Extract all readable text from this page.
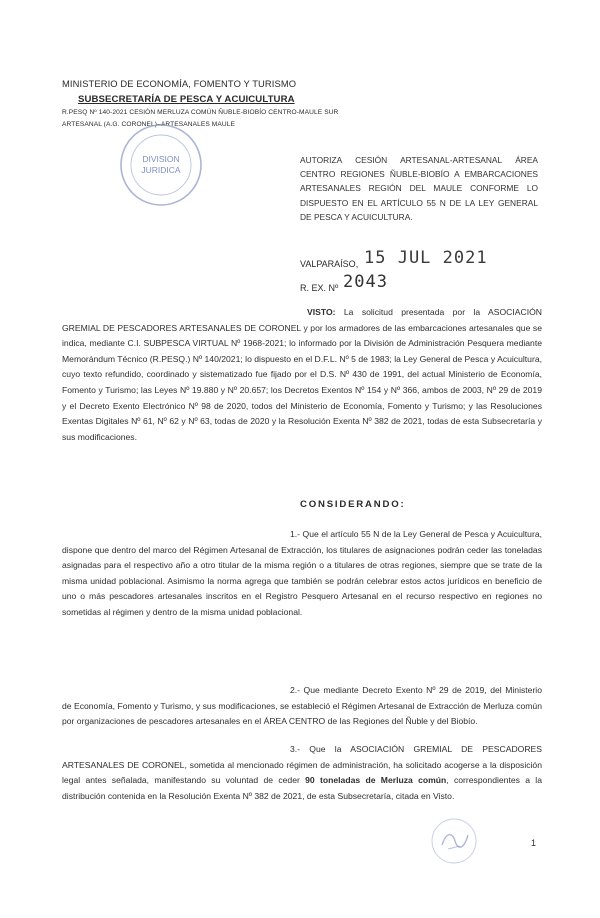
MINISTERIO DE ECONOMÍA, FOMENTO Y TURISMO
SUBSECRETARÍA DE PESCA Y ACUICULTURA
R.PESQ Nº 140-2021 CESIÓN MERLUZA COMÚN ÑUBLE-BIOBÍO CENTRO-MAULE SUR
ARTESANAL (A.G. CORONEL)–ARTESANALES MAULE
DIVISION
JURIDICA
AUTORIZA CESIÓN ARTESANAL-ARTESANAL ÁREA CENTRO REGIONES ÑUBLE-BIOBÍO A EMBARCACIONES ARTESANALES REGIÓN DEL MAULE CONFORME LO DISPUESTO EN EL ARTÍCULO 55 N DE LA LEY GENERAL DE PESCA Y ACUICULTURA.
VALPARAÍSO, 15 JUL 2021
R. EX. Nº 2043
VISTO: La solicitud presentada por la ASOCIACIÓN GREMIAL DE PESCADORES ARTESANALES DE CORONEL y por los armadores de las embarcaciones artesanales que se indica, mediante C.I. SUBPESCA VIRTUAL Nº 1968-2021; lo informado por la División de Administración Pesquera mediante Memorándum Técnico (R.PESQ.) Nº 140/2021; lo dispuesto en el D.F.L. Nº 5 de 1983; la Ley General de Pesca y Acuicultura, cuyo texto refundido, coordinado y sistematizado fue fijado por el D.S. Nº 430 de 1991, del actual Ministerio de Economía, Fomento y Turismo; las Leyes Nº 19.880 y Nº 20.657; los Decretos Exentos Nº 154 y Nº 366, ambos de 2003, Nº 29 de 2019 y el Decreto Exento Electrónico Nº 98 de 2020, todos del Ministerio de Economía, Fomento y Turismo; y las Resoluciones Exentas Digitales Nº 61, Nº 62 y Nº 63, todas de 2020 y la Resolución Exenta Nº 382 de 2021, todas de esta Subsecretaría y sus modificaciones.
CONSIDERANDO:
1.- Que el artículo 55 N de la Ley General de Pesca y Acuicultura, dispone que dentro del marco del Régimen Artesanal de Extracción, los titulares de asignaciones podrán ceder las toneladas asignadas para el respectivo año a otro titular de la misma región o a titulares de otras regiones, siempre que se trate de la misma unidad poblacional. Asimismo la norma agrega que también se podrán celebrar estos actos jurídicos en beneficio de uno o más pescadores artesanales inscritos en el Registro Pesquero Artesanal en el recurso respectivo en regiones no sometidas al régimen y dentro de la misma unidad poblacional.
2.- Que mediante Decreto Exento Nº 29 de 2019, del Ministerio de Economía, Fomento y Turismo, y sus modificaciones, se estableció el Régimen Artesanal de Extracción de Merluza común por organizaciones de pescadores artesanales en el ÁREA CENTRO de las Regiones del Ñuble y del Biobío.
3.- Que la ASOCIACIÓN GREMIAL DE PESCADORES ARTESANALES DE CORONEL, sometida al mencionado régimen de administración, ha solicitado acogerse a la disposición legal antes señalada, manifestando su voluntad de ceder 90 toneladas de Merluza común, correspondientes a la distribución contenida en la Resolución Exenta Nº 382 de 2021, de esta Subsecretaría, citada en Visto.
1
